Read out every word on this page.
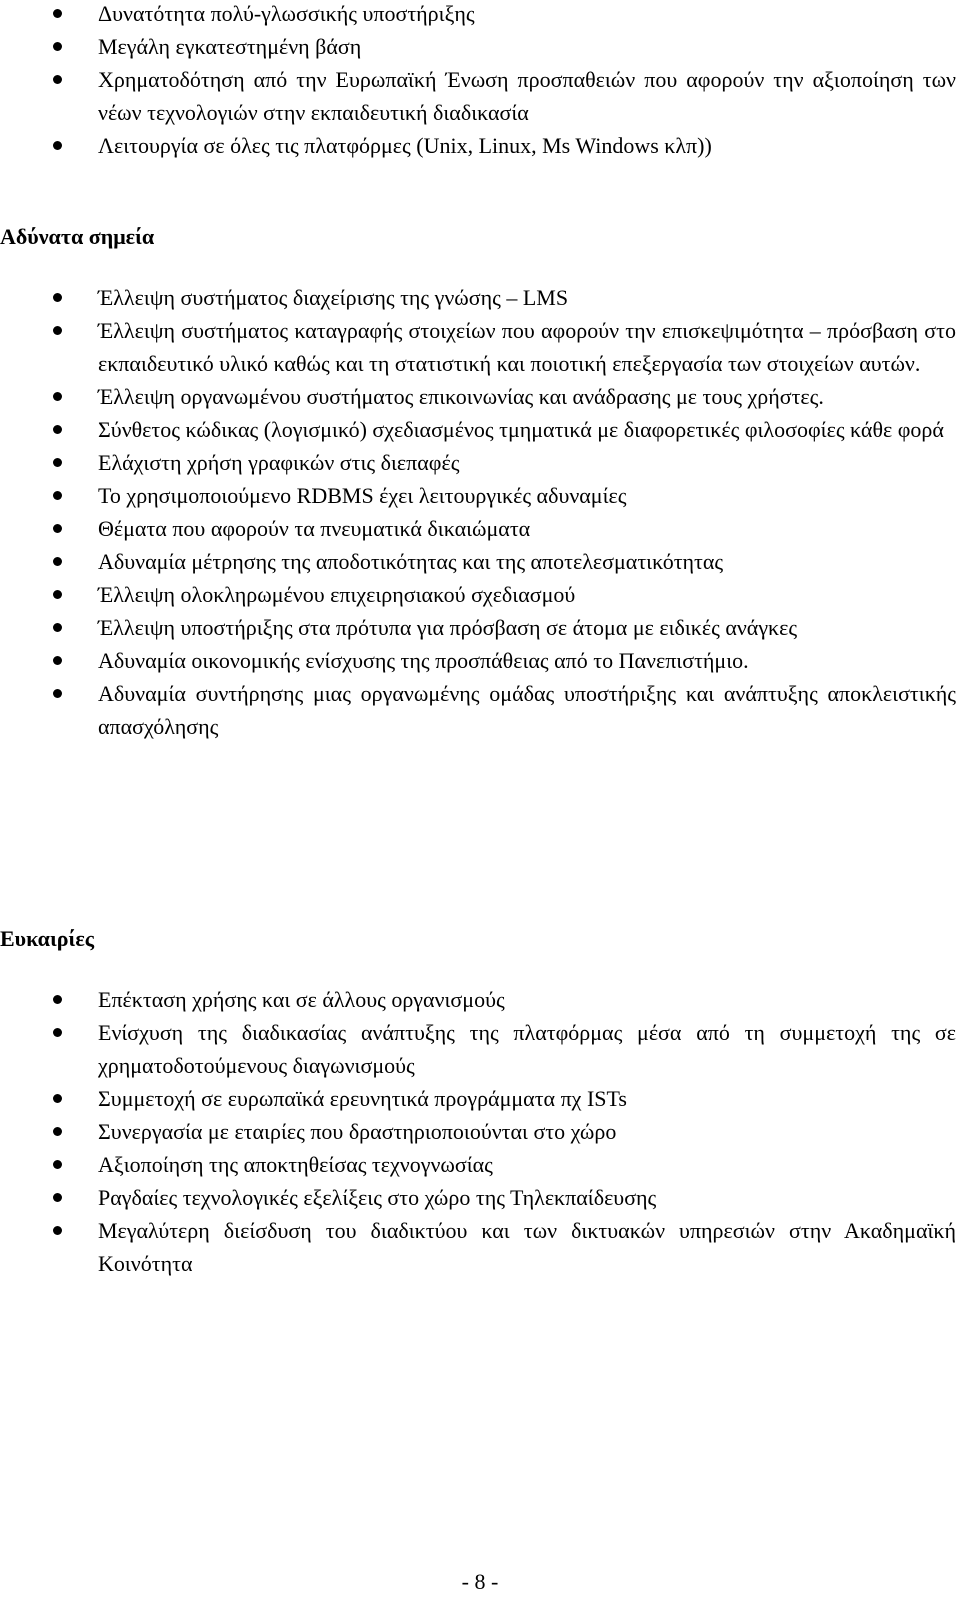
Δυνατότητα πολύ-γλωσσικής υποστήριξης
Μεγάλη εγκατεστημένη βάση
Χρηματοδότηση από την Ευρωπαϊκή Ένωση προσπαθειών που αφορούν την αξιοποίηση των νέων τεχνολογιών στην εκπαιδευτική διαδικασία
Λειτουργία σε όλες τις πλατφόρμες (Unix, Linux, Ms Windows κλπ))
Αδύνατα σημεία
Έλλειψη συστήματος διαχείρισης της γνώσης – LMS
Έλλειψη συστήματος καταγραφής στοιχείων που αφορούν την επισκεψιμότητα – πρόσβαση στο εκπαιδευτικό υλικό καθώς και τη στατιστική και ποιοτική επεξεργασία των στοιχείων αυτών.
Έλλειψη οργανωμένου συστήματος επικοινωνίας και ανάδρασης με τους χρήστες.
Σύνθετος κώδικας (λογισμικό) σχεδιασμένος τμηματικά με διαφορετικές φιλοσοφίες κάθε φορά
Ελάχιστη χρήση γραφικών στις διεπαφές
Το χρησιμοποιούμενο RDBMS έχει λειτουργικές αδυναμίες
Θέματα που αφορούν τα πνευματικά δικαιώματα
Αδυναμία μέτρησης της αποδοτικότητας και της αποτελεσματικότητας
Έλλειψη ολοκληρωμένου επιχειρησιακού σχεδιασμού
Έλλειψη υποστήριξης στα πρότυπα για πρόσβαση σε άτομα με ειδικές ανάγκες
Αδυναμία οικονομικής ενίσχυσης της προσπάθειας από το Πανεπιστήμιο.
Αδυναμία συντήρησης μιας οργανωμένης ομάδας υποστήριξης και ανάπτυξης αποκλειστικής απασχόλησης
Ευκαιρίες
Επέκταση χρήσης και σε άλλους οργανισμούς
Ενίσχυση της διαδικασίας ανάπτυξης της πλατφόρμας μέσα από τη συμμετοχή της σε χρηματοδοτούμενους διαγωνισμούς
Συμμετοχή σε ευρωπαϊκά ερευνητικά προγράμματα πχ ISTs
Συνεργασία με εταιρίες που δραστηριοποιούνται στο χώρο
Αξιοποίηση της αποκτηθείσας τεχνογνωσίας
Ραγδαίες τεχνολογικές εξελίξεις στο χώρο της Τηλεκπαίδευσης
Μεγαλύτερη διείσδυση του διαδικτύου και των δικτυακών υπηρεσιών στην Ακαδημαϊκή Κοινότητα
- 8 -
